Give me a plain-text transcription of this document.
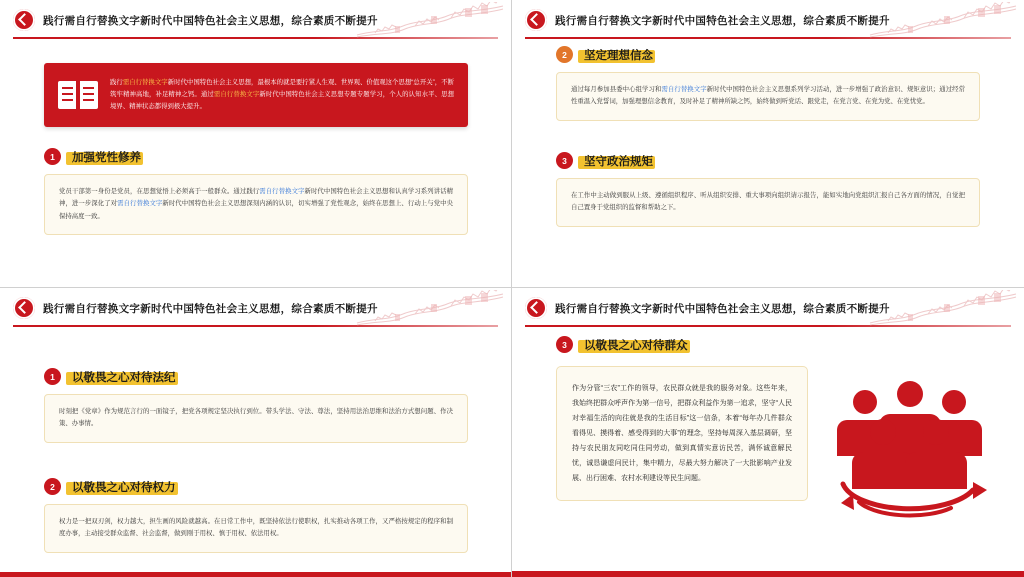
践行需自行替换文字新时代中国特色社会主义思想，综合素质不断提升

践行需自行替换文字新时代中国特色社会主义思想，最根本的就是要拧紧人生观、世界观、价值观这个思想“总开关”，不断筑牢精神高地，补足精神之钙。通过需自行替换文字新时代中国特色社会主义思想专题专题学习，个人的认知水平、思想境界、精神状态都得到极大提升。

1	加强党性修养
党员干部第一身份是党员，在思想觉悟上必须高于一般群众。通过践行需自行替换文字新时代中国特色社会主义思想和认真学习系列讲话精神，进一步深化了对需自行替换文字新时代中国特色社会主义思想深刻内涵的认识，切实增强了党性观念，始终在思想上、行动上与党中央保持高度一致。
践行需自行替换文字新时代中国特色社会主义思想，综合素质不断提升
2	坚定理想信念
通过每月参加县委中心组学习和需自行替换文字新时代中国特色社会主义思想系列学习活动，进一步增强了政治意识、规矩意识；通过经常性重温入党誓词，加强理想信念教育，及时补足了精神所缺之钙，始终做到听党话、跟党走，在党言党、在党为党、在党忧党。
3	坚守政治规矩
在工作中主动做到服从上级、遵循组织程序、听从组织安排、重大事项向组织请示报告，能如实地向党组织汇报自己各方面的情况，自觉把自己置身于党组织的监督和帮助之下。
践行需自行替换文字新时代中国特色社会主义思想，综合素质不断提升
1	以敬畏之心对待法纪
时刻把《党章》作为规范言行的一面镜子，把党各项规定坚决执行到位。带头学法、守法、尊法，坚持用法治思维和法治方式想问题、作决策、办事情。
2	以敬畏之心对待权力
权力是一把双刃剑，权力越大，担生画的风险就越高。在日常工作中，既坚持依法行使职权，扎实推动各项工作，又严格按规定的程序和制度办事，主动接受群众监督、社会监督，做到刚于用权、慎于用权、依法用权。
践行需自行替换文字新时代中国特色社会主义思想，综合素质不断提升
3	以敬畏之心对待群众
作为分管“三农”工作的领导，农民群众就是我的服务对象。这些年来，我始终把群众呼声作为第一信号，把群众利益作为第一追求，坚守“人民对幸福生活的向往就是我的生活目标”这一信条，本着“每年办几件群众看得见、摸得着、感受得到的大事”的理念，坚持每周深入基层调研，坚持与农民朋友同吃同住同劳动，做到真情实意访民苦，满怀诚意解民忧，诚恳谦虚问民计，集中精力，尽最大努力解决了一大批影响产业发展、出行困难、农村水利建设等民生问题。
